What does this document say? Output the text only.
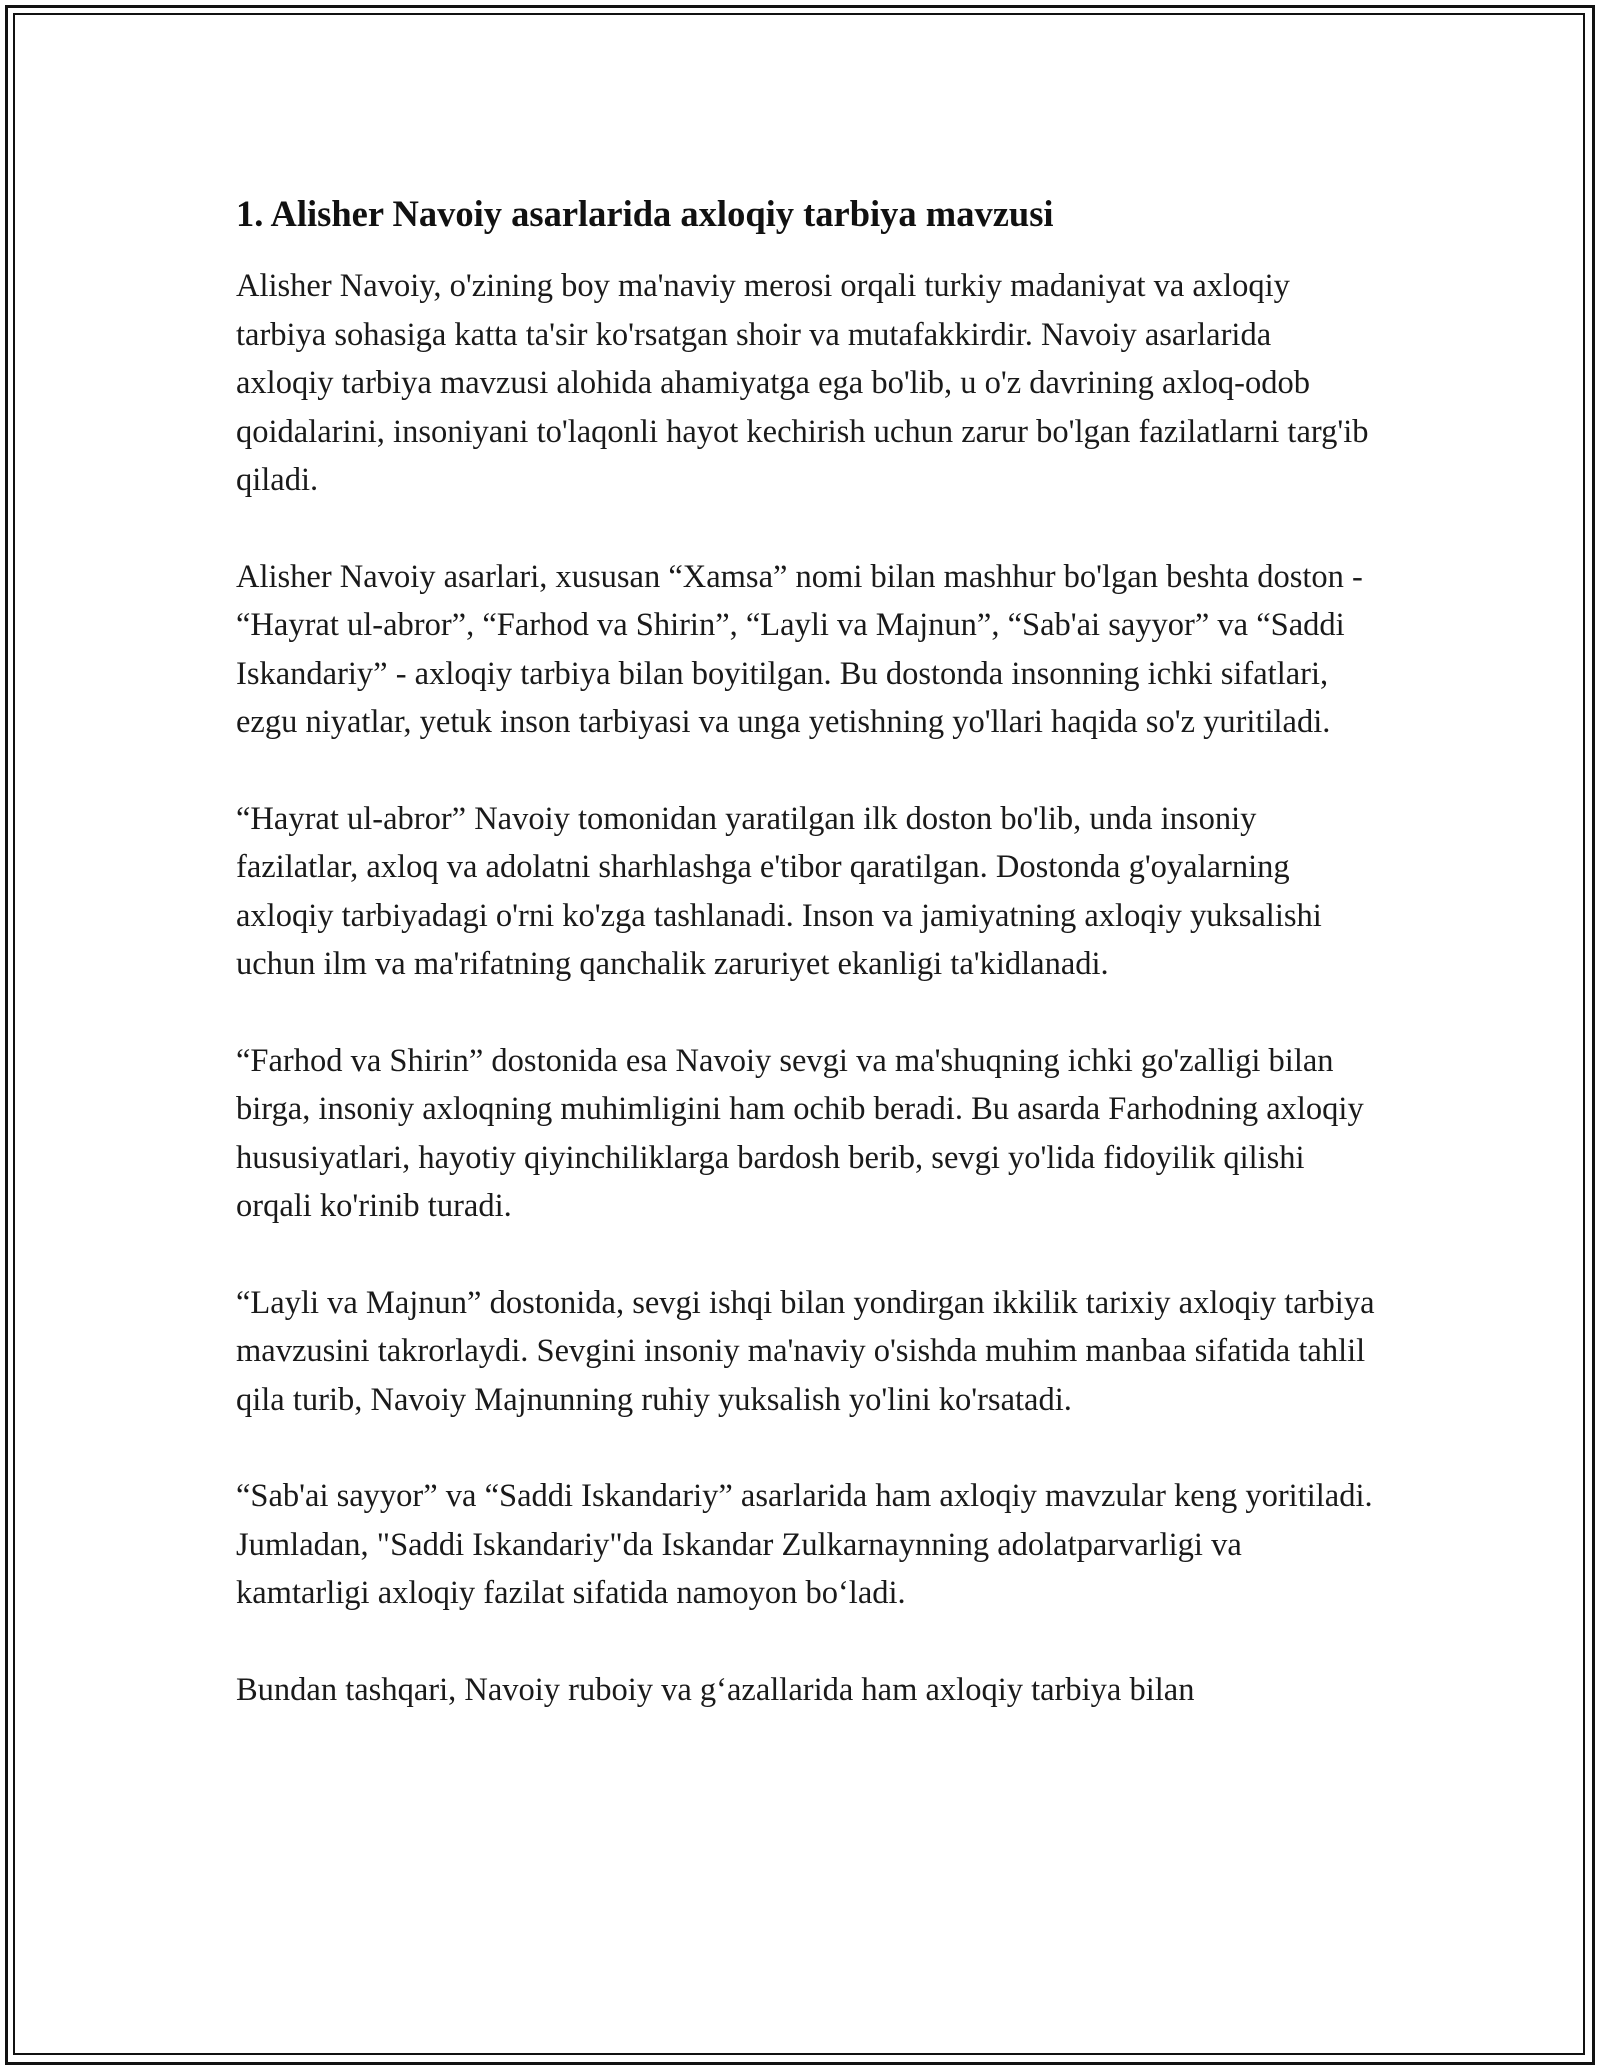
1. Alisher Navoiy asarlarida axloqiy tarbiya mavzusi

Alisher Navoiy, o'zining boy ma'naviy merosi orqali turkiy madaniyat va axloqiy tarbiya sohasiga katta ta'sir ko'rsatgan shoir va mutafakkirdir. Navoiy asarlarida axloqiy tarbiya mavzusi alohida ahamiyatga ega bo'lib, u o'z davrining axloq-odob qoidalarini, insoniyani to'laqonli hayot kechirish uchun zarur bo'lgan fazilatlarni targ'ib qiladi.

Alisher Navoiy asarlari, xususan “Xamsa” nomi bilan mashhur bo'lgan beshta doston - “Hayrat ul-abror”, “Farhod va Shirin”, “Layli va Majnun”, “Sab'ai sayyor” va “Saddi Iskandariy” - axloqiy tarbiya bilan boyitilgan. Bu dostonda insonning ichki sifatlari, ezgu niyatlar, yetuk inson tarbiyasi va unga yetishning yo'llari haqida so'z yuritiladi.

“Hayrat ul-abror” Navoiy tomonidan yaratilgan ilk doston bo'lib, unda insoniy fazilatlar, axloq va adolatni sharhlashga e'tibor qaratilgan. Dostonda g'oyalarning axloqiy tarbiyadagi o'rni ko'zga tashlanadi. Inson va jamiyatning axloqiy yuksalishi uchun ilm va ma'rifatning qanchalik zaruriyet ekanligi ta'kidlanadi.

“Farhod va Shirin” dostonida esa Navoiy sevgi va ma'shuqning ichki go'zalligi bilan birga, insoniy axloqning muhimligini ham ochib beradi. Bu asarda Farhodning axloqiy hususiyatlari, hayotiy qiyinchiliklarga bardosh berib, sevgi yo'lida fidoyilik qilishi orqali ko'rinib turadi.

“Layli va Majnun” dostonida, sevgi ishqi bilan yondirgan ikkilik tarixiy axloqiy tarbiya mavzusini takrorlaydi. Sevgini insoniy ma'naviy o'sishda muhim manbaa sifatida tahlil qila turib, Navoiy Majnunning ruhiy yuksalish yo'lini ko'rsatadi.

“Sab'ai sayyor” va “Saddi Iskandariy” asarlarida ham axloqiy mavzular keng yoritiladi. Jumladan, "Saddi Iskandariy"da Iskandar Zulkarnaynning adolatparvarligi va kamtarligi axloqiy fazilat sifatida namoyon bo‘ladi.

Bundan tashqari, Navoiy ruboiy va g‘azallarida ham axloqiy tarbiya bilan
